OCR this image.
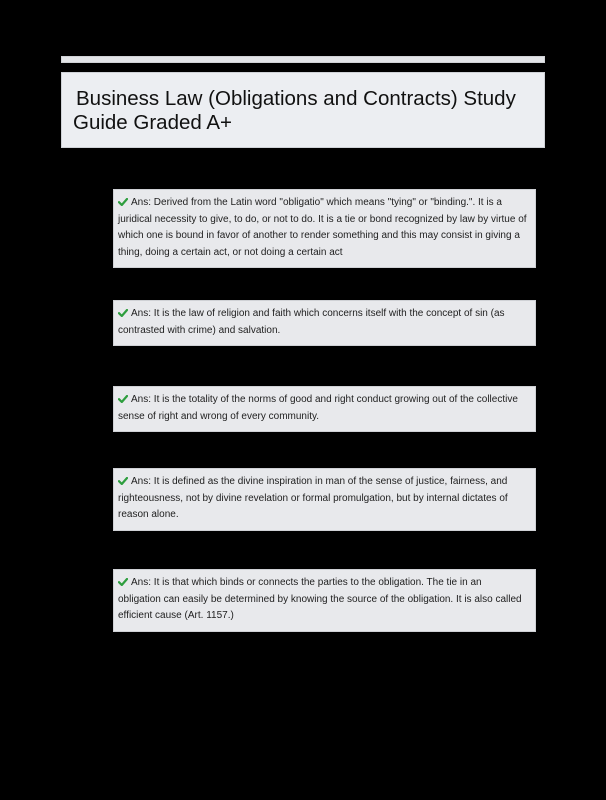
Business Law (Obligations and Contracts) Study Guide Graded A+
Ans: Derived from the Latin word "obligatio" which means "tying" or "binding.". It is a juridical necessity to give, to do, or not to do. It is a tie or bond recognized by law by virtue of which one is bound in favor of another to render something and this may consist in giving a thing, doing a certain act, or not doing a certain act
Ans: It is the law of religion and faith which concerns itself with the concept of sin (as contrasted with crime) and salvation.
Ans: It is the totality of the norms of good and right conduct growing out of the collective sense of right and wrong of every community.
Ans: It is defined as the divine inspiration in man of the sense of justice, fairness, and righteousness, not by divine revelation or formal promulgation, but by internal dictates of reason alone.
Ans: It is that which binds or connects the parties to the obligation. The tie in an obligation can easily be determined by knowing the source of the obligation. It is also called efficient cause (Art. 1157.)
